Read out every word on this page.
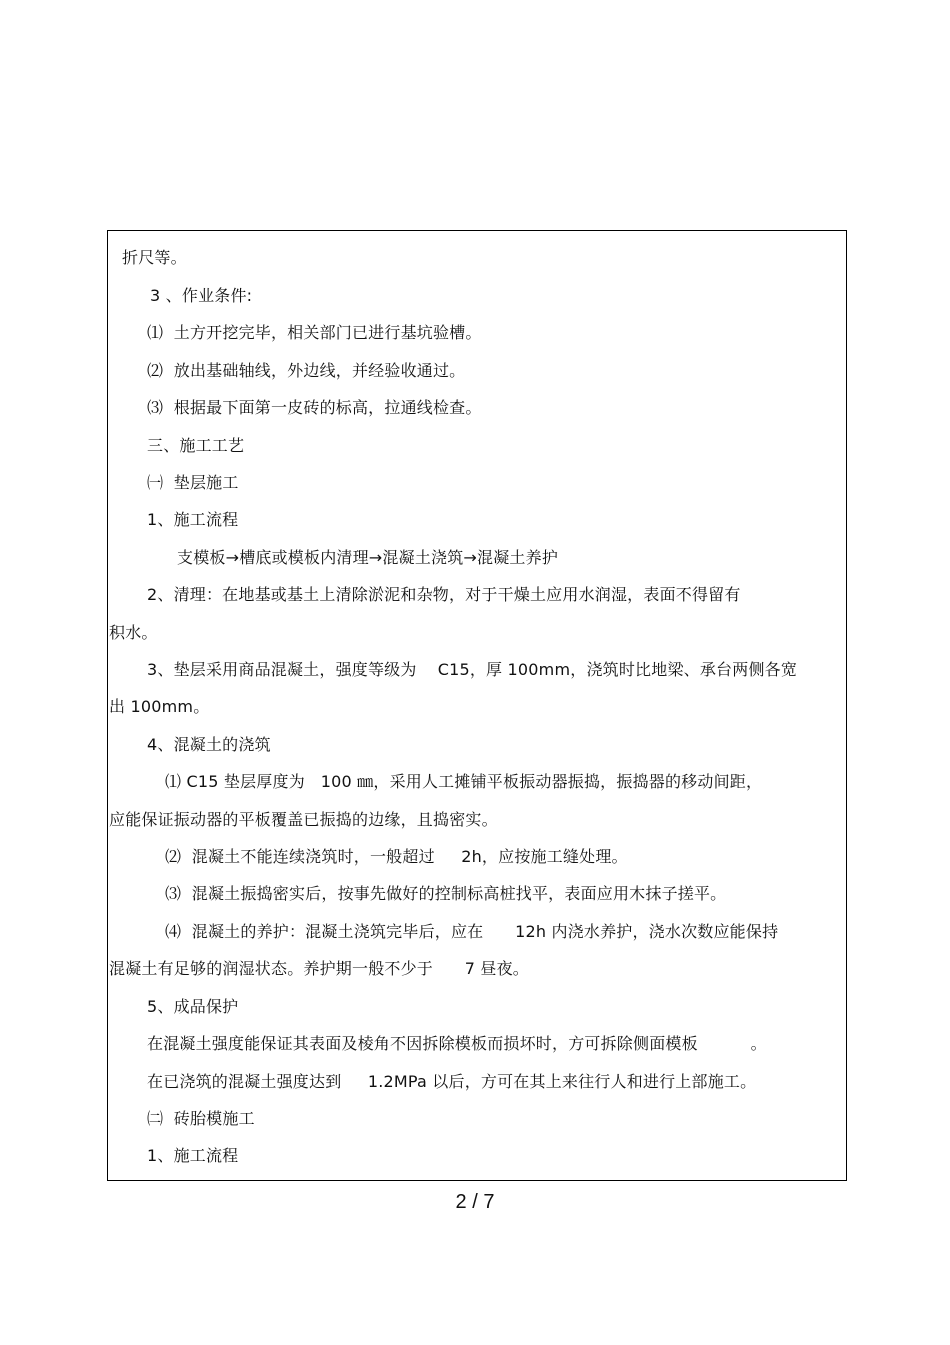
折尺等。
3 、作业条件:
⑴  土方开挖完毕，相关部门已进行基坑验槽。
⑵  放出基础轴线，外边线，并经验收通过。
⑶  根据最下面第一皮砖的标高，拉通线检查。
三、施工工艺
㈠  垫层施工
1、施工流程
支模板→槽底或模板内清理→混凝土浇筑→混凝土养护
2、清理：在地基或基土上清除淤泥和杂物，对于干燥土应用水润湿，表面不得留有
积水。
3、垫层采用商品混凝土，强度等级为    C15，厚 100mm，浇筑时比地梁、承台两侧各宽
出 100mm。
4、混凝土的浇筑
⑴ C15 垫层厚度为   100 ㎜，采用人工摊铺平板振动器振捣，振捣器的移动间距，
应能保证振动器的平板覆盖已振捣的边缘，且捣密实。
⑵  混凝土不能连续浇筑时，一般超过     2h，应按施工缝处理。
⑶  混凝土振捣密实后，按事先做好的控制标高桩找平，表面应用木抹子搓平。
⑷  混凝土的养护：混凝土浇筑完毕后，应在      12h 内浇水养护，浇水次数应能保持
混凝土有足够的润湿状态。养护期一般不少于      7 昼夜。
5、成品保护
在混凝土强度能保证其表面及棱角不因拆除模板而损坏时，方可拆除侧面模板          。
在已浇筑的混凝土强度达到     1.2MPa 以后，方可在其上来往行人和进行上部施工。
㈡  砖胎模施工
1、施工流程
2 / 7
